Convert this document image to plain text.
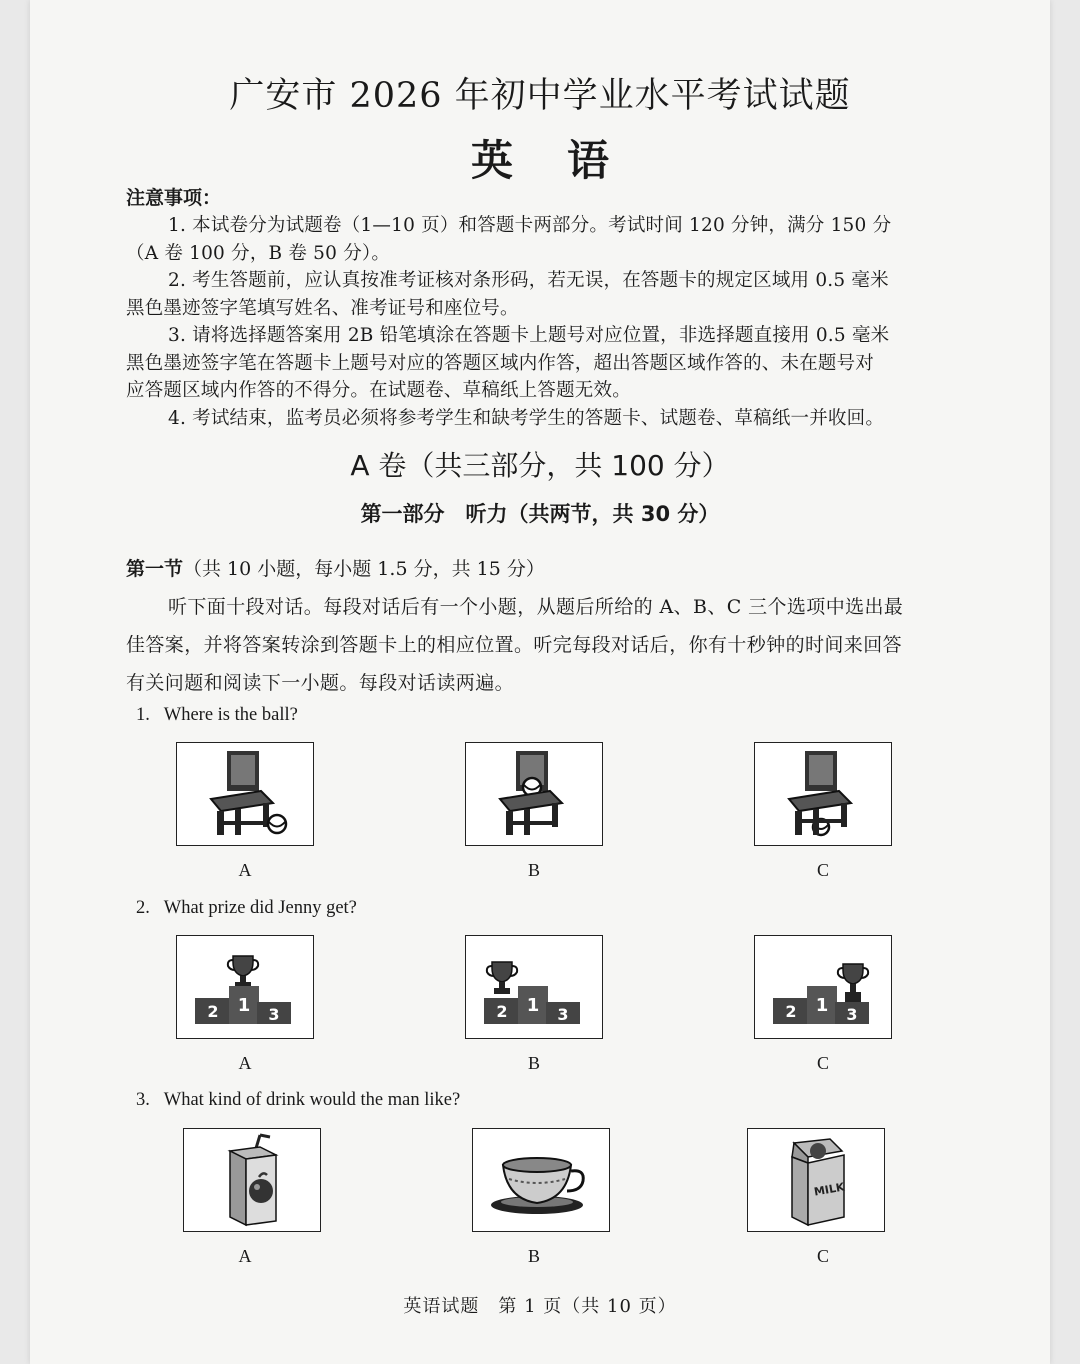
广安市 2026 年初中学业水平考试试题
英语
注意事项：
1. 本试卷分为试题卷（1—10 页）和答题卡两部分。考试时间 120 分钟，满分 150 分
（A 卷 100 分，B 卷 50 分）。
2. 考生答题前，应认真按准考证核对条形码，若无误，在答题卡的规定区域用 0.5 毫米
黑色墨迹签字笔填写姓名、准考证号和座位号。
3. 请将选择题答案用 2B 铅笔填涂在答题卡上题号对应位置，非选择题直接用 0.5 毫米
黑色墨迹签字笔在答题卡上题号对应的答题区域内作答，超出答题区域作答的、未在题号对
应答题区域内作答的不得分。在试题卷、草稿纸上答题无效。
4. 考试结束，监考员必须将参考学生和缺考学生的答题卡、试题卷、草稿纸一并收回。
A 卷（共三部分，共 100 分）
第一部分　听力（共两节，共 30 分）
第一节（共 10 小题，每小题 1.5 分，共 15 分）
听下面十段对话。每段对话后有一个小题，从题后所给的 A、B、C 三个选项中选出最
佳答案，并将答案转涂到答题卡上的相应位置。听完每段对话后，你有十秒钟的时间来回答
有关问题和阅读下一小题。每段对话读两遍。
1. Where is the ball?
A	B	C
2. What prize did Jenny get?
2 1 3
A
2 1 3
B
2 1 3
C
3. What kind of drink would the man like?
A	B
MILK
C
英语试题　第 1 页（共 10 页）
